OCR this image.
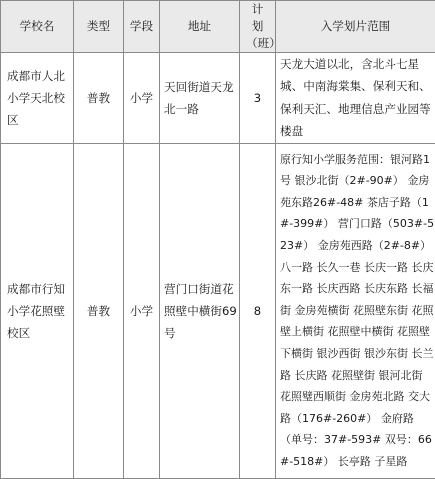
学校名	类型	学段	地址	计划（班）	入学划片范围
成都市人北小学天北校区	普教	小学	天回街道天龙北一路	3	天龙大道以北，含北斗七星城、中南海棠集、保利天和、保利天汇、地理信息产业园等楼盘
成都市行知小学花照壁校区	普教	小学	营门口街道花照壁中横街69号	8	原行知小学服务范围：银河路1号 银沙北街（2#-90#） 金房苑东路26#-48# 茶店子路（1#-399#） 营门口路（503#-523#） 金房苑西路（2#-8#） 八一路 长久一巷 长庆一路 长庆东一路 长庆西路 长庆东路 长福街 金房苑横街 花照壁东街 花照壁上横街 花照壁中横街 花照壁下横街 银沙西街 银沙东街 长兰路 长庆路 花照壁街 银河北街 花照璧西顺街 金房苑北路 交大路（176#-260#） 金府路 （单号：37#-593# 双号：66#-518#） 长亭路 子星路
